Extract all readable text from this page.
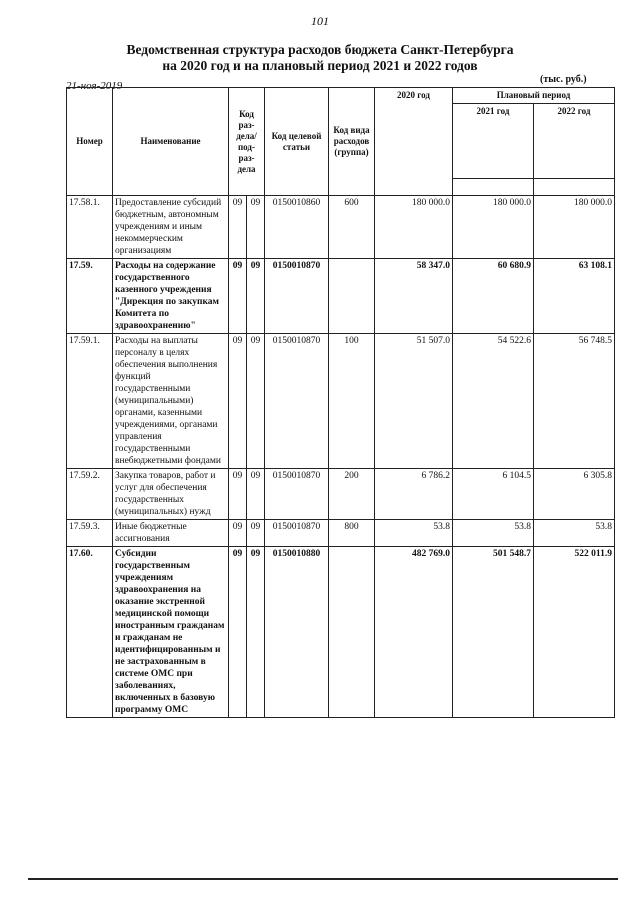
101
Ведомственная структура расходов бюджета Санкт-Петербурга
на 2020 год и на плановый период 2021 и 2022 годов
21-ноя-2019
(тыс. руб.)
Номер	Наименование	Код раз-дела/ под-раз-дела		Код целевой статьи	Код вида расходов (группа)	2020 год	Плановый период	
							2021 год	2022 год

17.58.1.	Предоставление субсидий бюджетным, автономным учреждениям и иным некоммерческим организациям	09	09	0150010860	600	180 000.0	180 000.0	180 000.0
17.59.	Расходы на содержание государственного казенного учреждения "Дирекция по закупкам Комитета по здравоохранению"	09	09	0150010870		58 347.0	60 680.9	63 108.1
17.59.1.	Расходы на выплаты персоналу в целях обеспечения выполнения функций государственными (муниципальными) органами, казенными учреждениями, органами управления государственными внебюджетными фондами	09	09	0150010870	100	51 507.0	54 522.6	56 748.5
17.59.2.	Закупка товаров, работ и услуг для обеспечения государственных (муниципальных) нужд	09	09	0150010870	200	6 786.2	6 104.5	6 305.8
17.59.3.	Иные бюджетные ассигнования	09	09	0150010870	800	53.8	53.8	53.8
17.60.	Субсидии государственным учреждениям здравоохранения на оказание экстренной медицинской помощи иностранным гражданам и гражданам не идентифицированным и не застрахованным в системе ОМС при заболеваниях, включенных в базовую программу ОМС	09	09	0150010880		482 769.0	501 548.7	522 011.9
